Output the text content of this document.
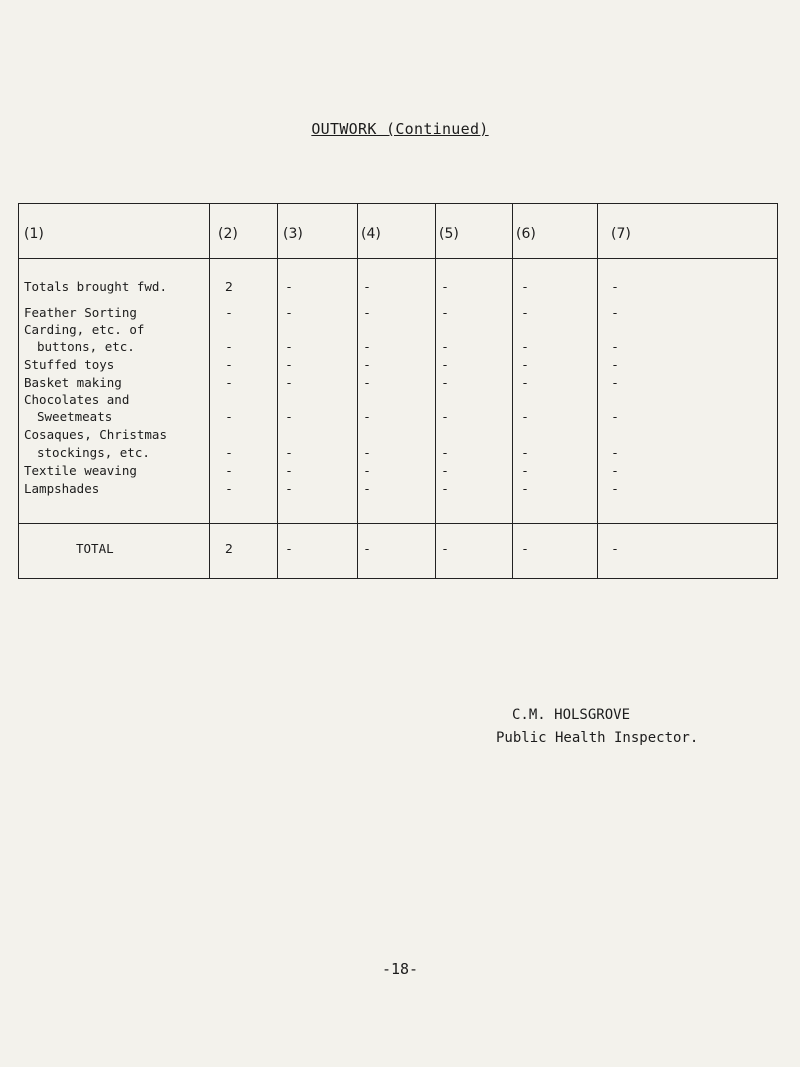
OUTWORK (Continued)
(1)	(2)	(3)	(4)	(5)	(6)	(7)
Totals brought fwd.	2	-	-	-	-	-
Feather Sorting	-	-	-	-	-	-
Carding, etc. of
buttons, etc.	-	-	-	-	-	-
Stuffed toys	-	-	-	-	-	-
Basket making	-	-	-	-	-	-
Chocolates and
Sweetmeats	-	-	-	-	-	-
Cosaques, Christmas
stockings, etc.	-	-	-	-	-	-
Textile weaving	-	-	-	-	-	-
Lampshades	-	-	-	-	-	-
TOTAL	2	-	-	-	-	-
C.M. HOLSGROVE
Public Health Inspector.
-18-
